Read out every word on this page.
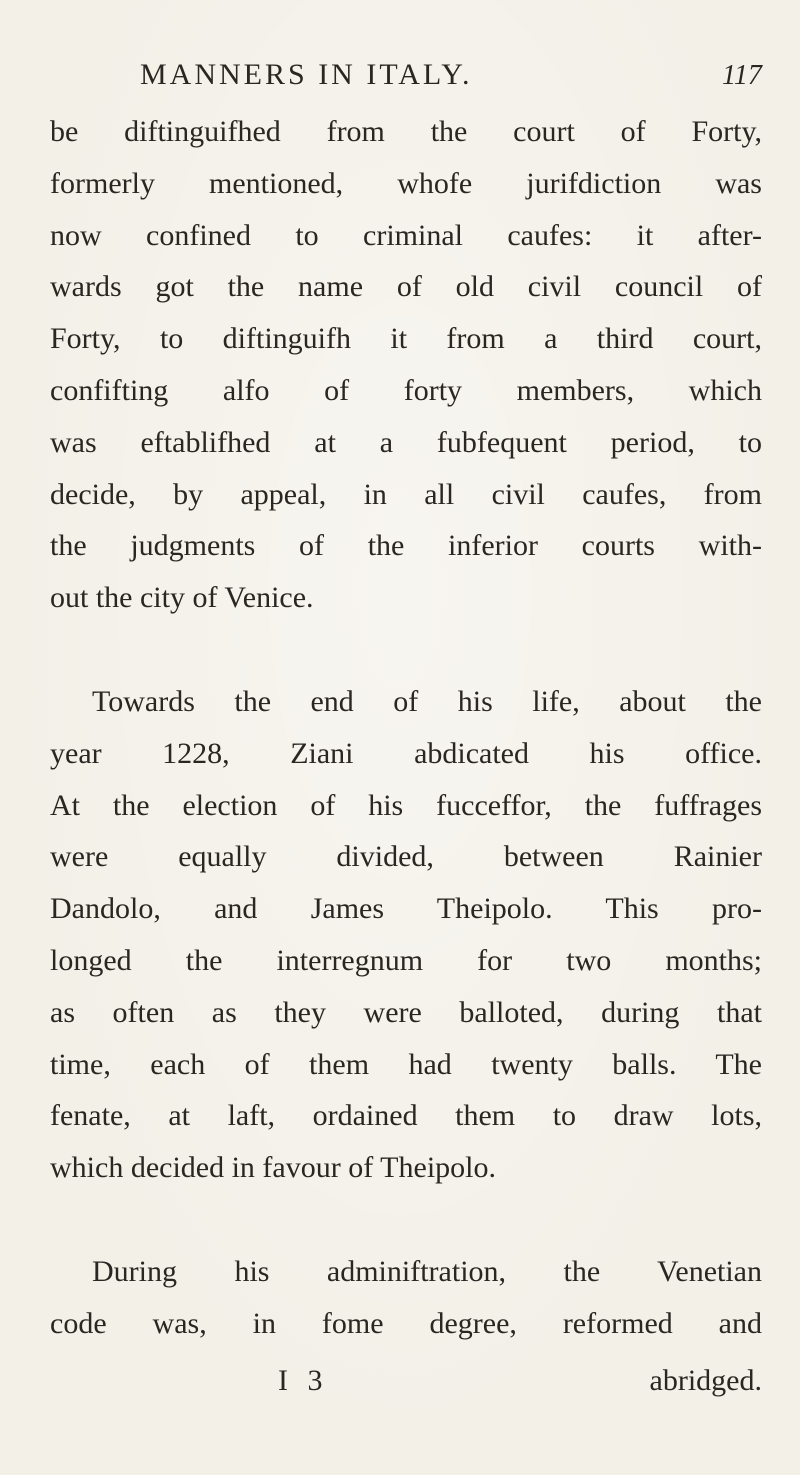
MANNERS IN ITALY.	117
be diftinguifhed from the court of Forty,
formerly mentioned, whofe jurifdiction was
now confined to criminal caufes: it after-
wards got the name of old civil council of
Forty, to diftinguifh it from a third court,
confifting alfo of forty members, which
was eftablifhed at a fubfequent period, to
decide, by appeal, in all civil caufes, from
the judgments of the inferior courts with-
out the city of Venice.
Towards the end of his life, about the
year 1228, Ziani abdicated his office.
At the election of his fucceffor, the fuffrages
were equally divided, between Rainier
Dandolo, and James Theipolo. This pro-
longed the interregnum for two months;
as often as they were balloted, during that
time, each of them had twenty balls. The
fenate, at laft, ordained them to draw lots,
which decided in favour of Theipolo.
During his adminiftration, the Venetian
code was, in fome degree, reformed and
I 3	abridged.
